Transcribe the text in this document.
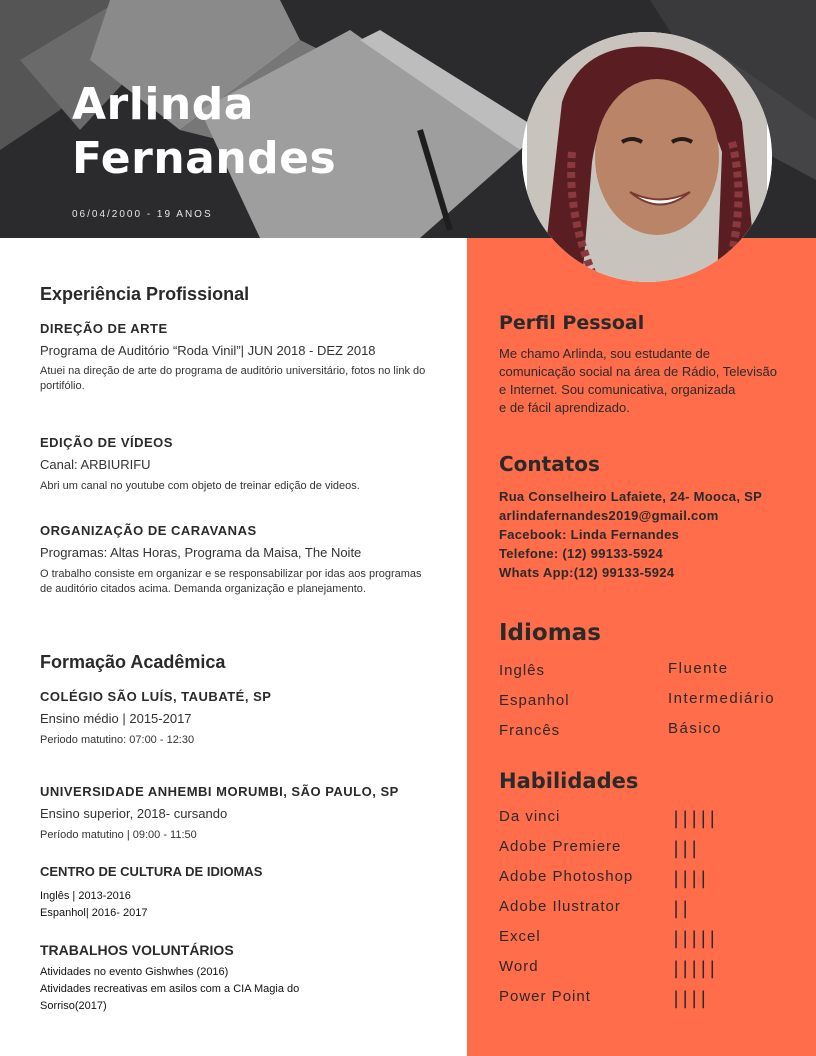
Arlinda
Fernandes
06/04/2000 - 19 ANOS
Experiência Profissional
DIREÇÃO DE ARTE
Programa de Auditório “Roda Vinil”| JUN 2018 - DEZ 2018
Atuei na direção de arte do programa de auditório universitário, fotos no link do portifólio.
EDIÇÃO DE VÍDEOS
Canal: ARBIURIFU
Abri um canal no youtube com objeto de treinar edição de videos.
ORGANIZAÇÃO DE CARAVANAS
Programas: Altas Horas, Programa da Maisa, The Noite
O trabalho consiste em organizar e se responsabilizar por idas aos programas de auditório citados acima. Demanda organização e planejamento.
Formação Acadêmica
COLÉGIO SÃO LUÍS, TAUBATÉ, SP
Ensino médio | 2015-2017
Periodo matutino: 07:00 - 12:30
UNIVERSIDADE ANHEMBI MORUMBI, SÃO PAULO, SP
Ensino superior, 2018- cursando
Período matutino | 09:00 - 11:50
CENTRO DE CULTURA DE IDIOMAS
Inglês | 2013-2016
Espanhol| 2016- 2017
TRABALHOS VOLUNTÁRIOS
Atividades no evento Gishwhes (2016)
Atividades recreativas em asilos com a CIA Magia do
Sorriso(2017)
Perfil Pessoal
Me chamo Arlinda, sou estudante de
comunicação social na área de Rádio, Televisão
e Internet. Sou comunicativa, organizada
e de fácil aprendizado.
Contatos
Rua Conselheiro Lafaiete, 24- Mooca, SP
arlindafernandes2019@gmail.com
Facebook: Linda Fernandes
Telefone: (12) 99133-5924
Whats App:(12) 99133-5924
Idiomas
Inglês	Fluente
Espanhol	Intermediário
Francês	Básico
Habilidades
Da vinci	|||||
Adobe Premiere	|||
Adobe Photoshop ||||
Adobe Ilustrator	||
Excel	|||||
Word	|||||
Power Point	||||
